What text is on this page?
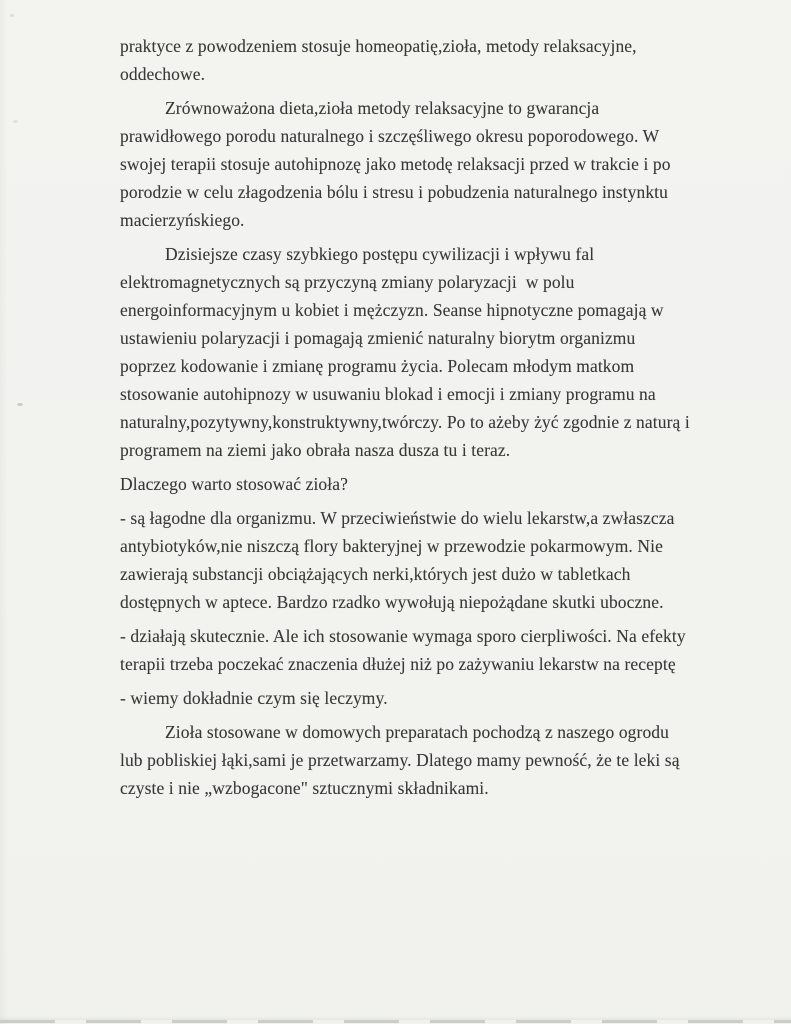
praktyce z powodzeniem stosuje homeopatię,zioła, metody relaksacyjne,
oddechowe.
Zrównoważona dieta,zioła metody relaksacyjne to gwarancja
prawidłowego porodu naturalnego i szczęśliwego okresu poporodowego. W
swojej terapii stosuje autohipnozę jako metodę relaksacji przed w trakcie i po
porodzie w celu złagodzenia bólu i stresu i pobudzenia naturalnego instynktu
macierzyńskiego.
Dzisiejsze czasy szybkiego postępu cywilizacji i wpływu fal
elektromagnetycznych są przyczyną zmiany polaryzacji  w polu
energoinformacyjnym u kobiet i mężczyzn. Seanse hipnotyczne pomagają w
ustawieniu polaryzacji i pomagają zmienić naturalny biorytm organizmu
poprzez kodowanie i zmianę programu życia. Polecam młodym matkom
stosowanie autohipnozy w usuwaniu blokad i emocji i zmiany programu na
naturalny,pozytywny,konstruktywny,twórczy. Po to ażeby żyć zgodnie z naturą i
programem na ziemi jako obrała nasza dusza tu i teraz.
Dlaczego warto stosować zioła?
- są łagodne dla organizmu. W przeciwieństwie do wielu lekarstw,a zwłaszcza
antybiotyków,nie niszczą flory bakteryjnej w przewodzie pokarmowym. Nie
zawierają substancji obciążających nerki,których jest dużo w tabletkach
dostępnych w aptece. Bardzo rzadko wywołują niepożądane skutki uboczne.
- działają skutecznie. Ale ich stosowanie wymaga sporo cierpliwości. Na efekty
terapii trzeba poczekać znaczenia dłużej niż po zażywaniu lekarstw na receptę
- wiemy dokładnie czym się leczymy.
Zioła stosowane w domowych preparatach pochodzą z naszego ogrodu
lub pobliskiej łąki,sami je przetwarzamy. Dlatego mamy pewność, że te leki są
czyste i nie „wzbogacone" sztucznymi składnikami.
